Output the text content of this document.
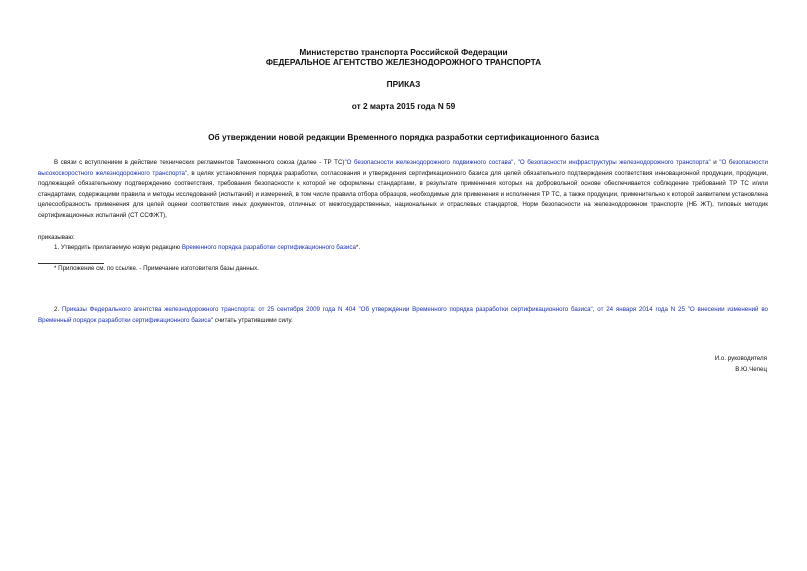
Министерство транспорта Российской Федерации
ФЕДЕРАЛЬНОЕ АГЕНТСТВО ЖЕЛЕЗНОДОРОЖНОГО ТРАНСПОРТА
ПРИКАЗ
от 2 марта 2015 года N 59
Об утверждении новой редакции Временного порядка разработки сертификационного базиса
В связи с вступлением в действие технических регламентов Таможенного союза (далее - ТР ТС)"О безопасности железнодорожного подвижного состава", "О безопасности инфраструктуры железнодорожного транспорта" и "О безопасности высокоскоростного железнодорожного транспорта", в целях установления порядка разработки, согласования и утверждения сертификационного базиса для целей обязательного подтверждения соответствия инновационной продукции, продукции, подлежащей обязательному подтверждению соответствия, требования безопасности к которой не оформлены стандартами, в результате применения которых на добровольной основе обеспечивается соблюдение требований ТР ТС и/или стандартами, содержащими правила и методы исследований (испытаний) и измерений, в том числе правила отбора образцов, необходимые для применения и исполнения ТР ТС, а также продукции, применительно к которой заявителем установлена целесообразность применения для целей оценки соответствия иных документов, отличных от межгосударственных, национальных и отраслевых стандартов, Норм безопасности на железнодорожном транспорте (НБ ЖТ), типовых методик сертификационных испытаний (СТ ССФЖТ),
приказываю:
1. Утвердить прилагаемую новую редакцию Временного порядка разработки сертификационного базиса*.
* Приложение см. по ссылке. - Примечание изготовителя базы данных.
2. Приказы Федерального агентства железнодорожного транспорта: от 25 сентября 2009 года N 404 "Об утверждении Временного порядка разработки сертификационного базиса", от 24 января 2014 года N 25 "О внесении изменений во Временный порядок разработки сертификационного базиса" считать утратившими силу.
И.о. руководителя
В.Ю.Чепец
